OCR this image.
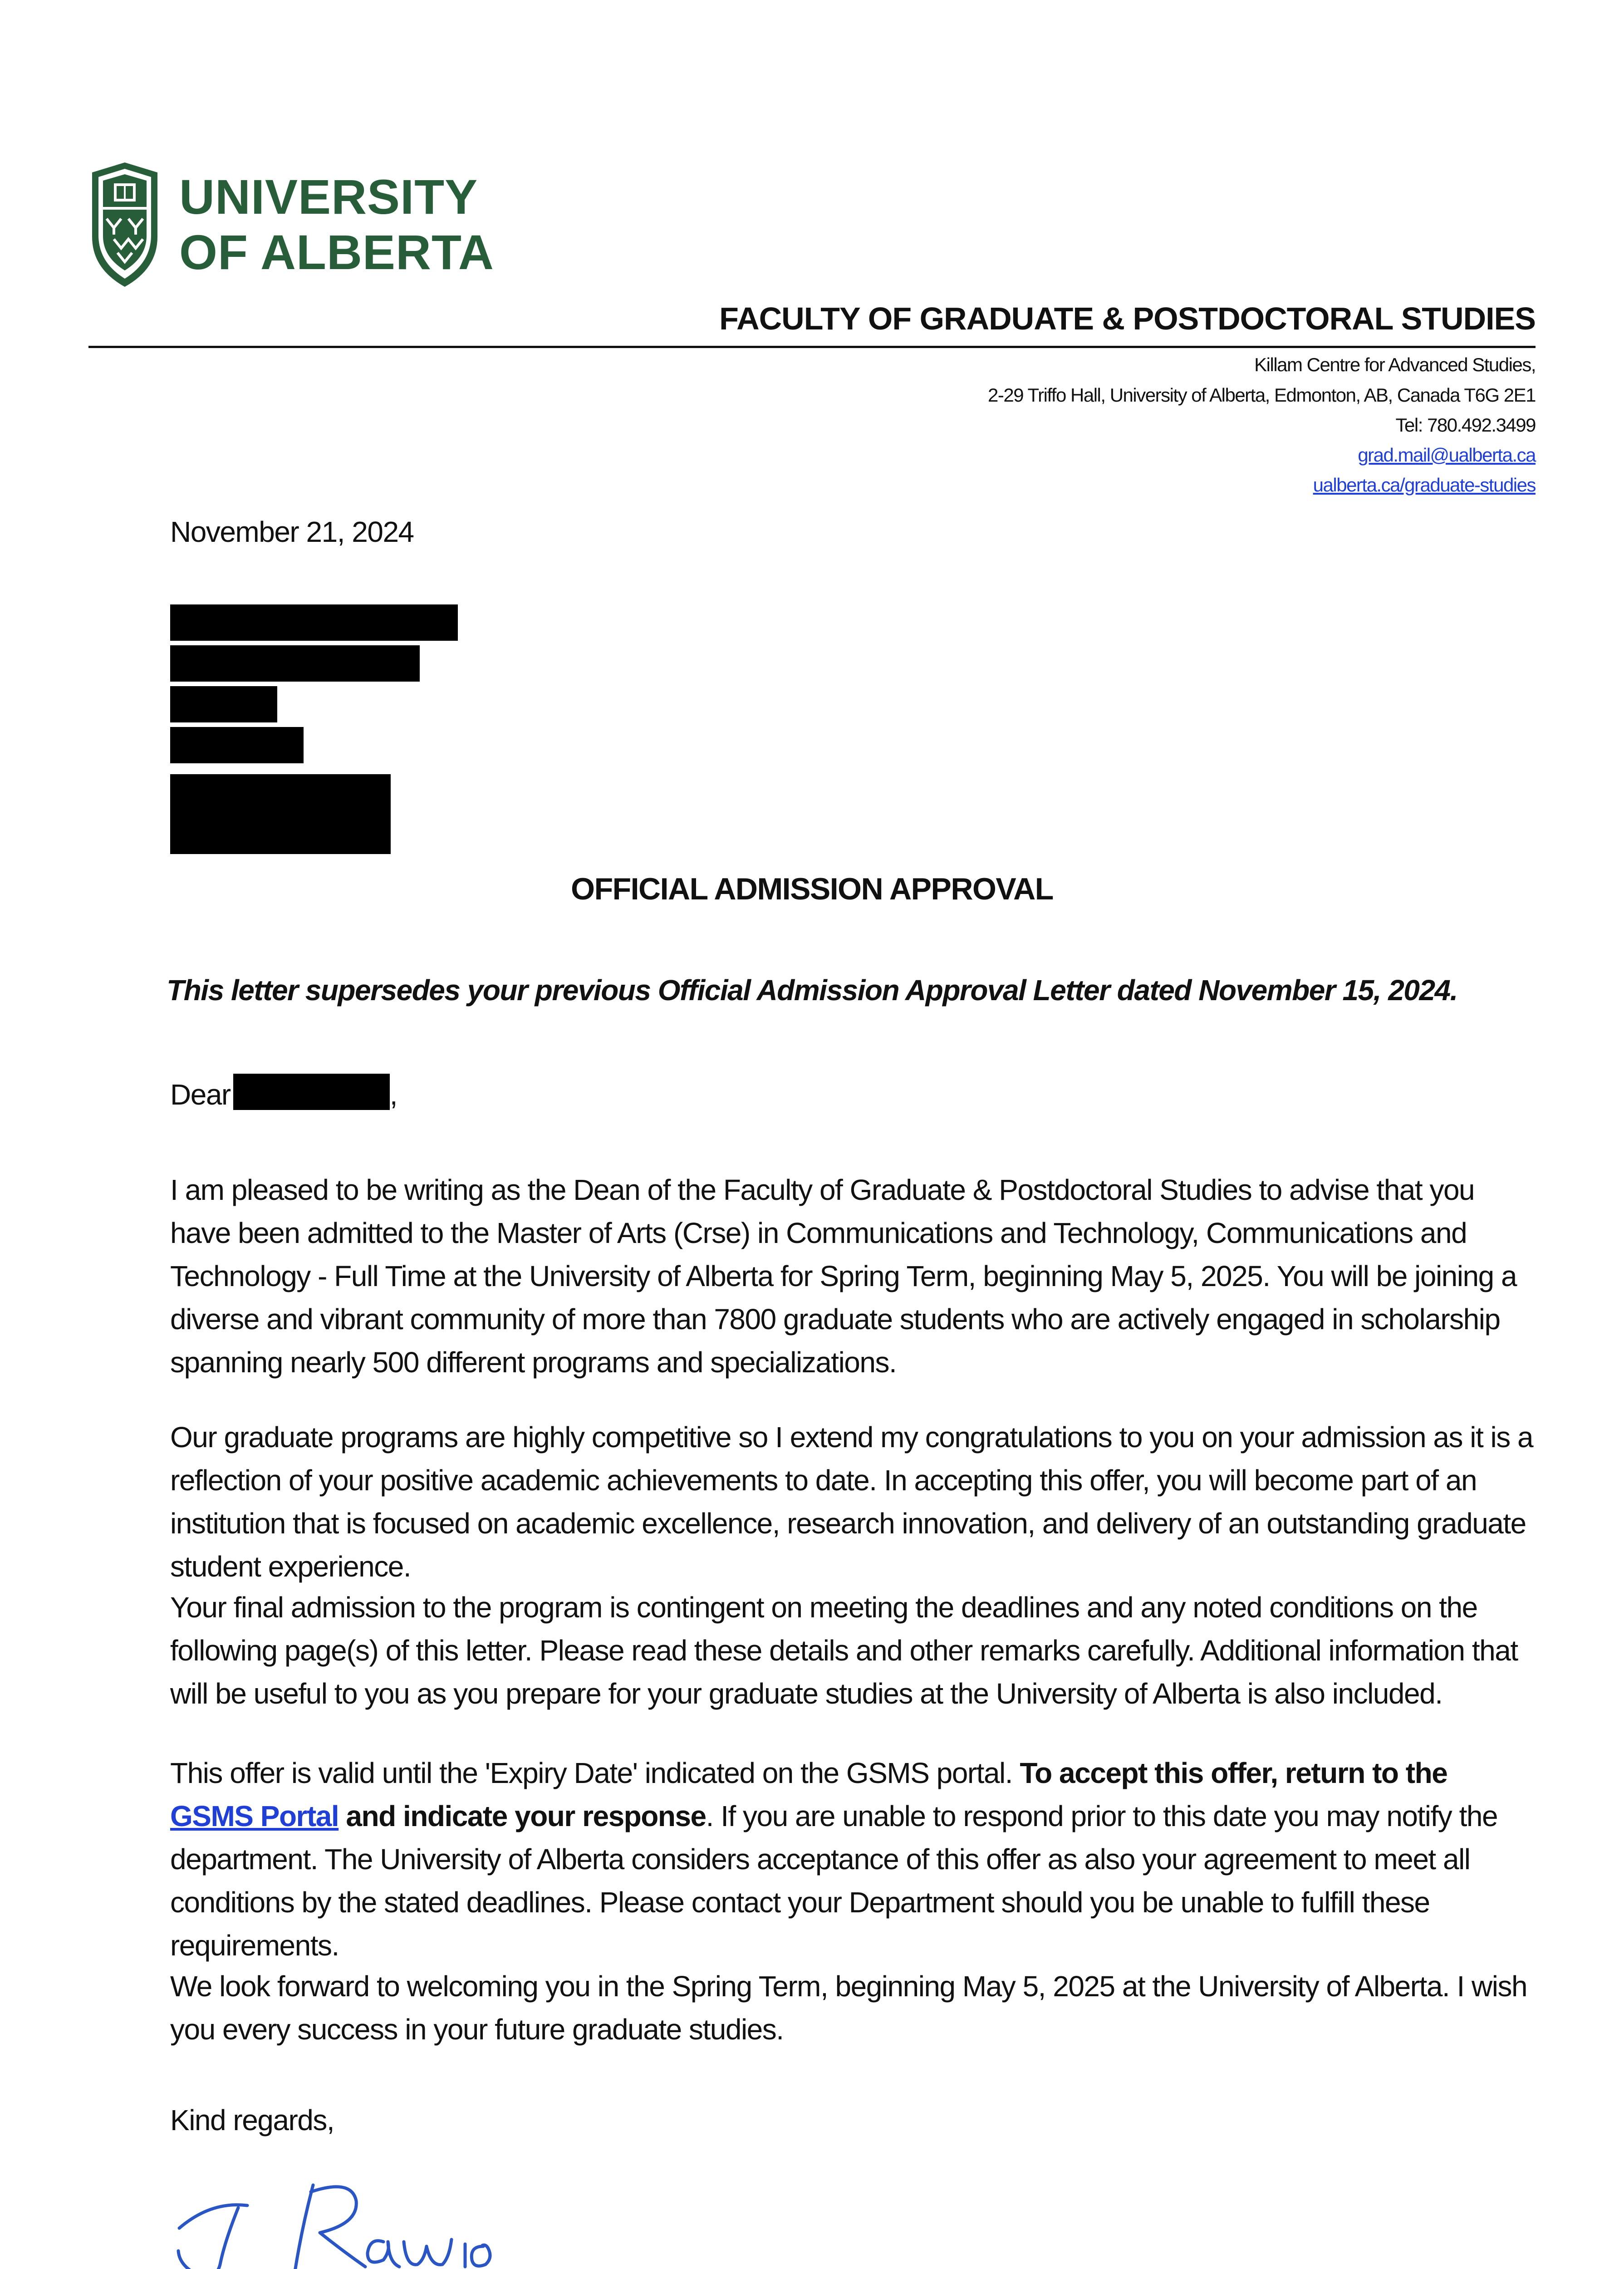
UNIVERSITY
OF ALBERTA
FACULTY OF GRADUATE & POSTDOCTORAL STUDIES
Killam Centre for Advanced Studies,
2-29 Triffo Hall, University of Alberta, Edmonton, AB, Canada T6G 2E1
Tel: 780.492.3499
grad.mail@ualberta.ca
ualberta.ca/graduate-studies
November 21, 2024
OFFICIAL ADMISSION APPROVAL
This letter supersedes your previous Official Admission Approval Letter dated November 15, 2024.
Dear	,
I am pleased to be writing as the Dean of the Faculty of Graduate & Postdoctoral Studies to advise that you have been admitted to the Master of Arts (Crse) in Communications and Technology, Communications and Technology - Full Time at the University of Alberta for Spring Term, beginning May 5, 2025. You will be joining a diverse and vibrant community of more than 7800 graduate students who are actively engaged in scholarship spanning nearly 500 different programs and specializations.
Our graduate programs are highly competitive so I extend my congratulations to you on your admission as it is a reflection of your positive academic achievements to date. In accepting this offer, you will become part of an institution that is focused on academic excellence, research innovation, and delivery of an outstanding graduate student experience.
Your final admission to the program is contingent on meeting the deadlines and any noted conditions on the following page(s) of this letter. Please read these details and other remarks carefully. Additional information that will be useful to you as you prepare for your graduate studies at the University of Alberta is also included.
This offer is valid until the 'Expiry Date' indicated on the GSMS portal. To accept this offer, return to the GSMS Portal and indicate your response. If you are unable to respond prior to this date you may notify the department. The University of Alberta considers acceptance of this offer as also your agreement to meet all conditions by the stated deadlines. Please contact your Department should you be unable to fulfill these requirements.
We look forward to welcoming you in the Spring Term, beginning May 5, 2025 at the University of Alberta. I wish you every success in your future graduate studies.
Kind regards,
